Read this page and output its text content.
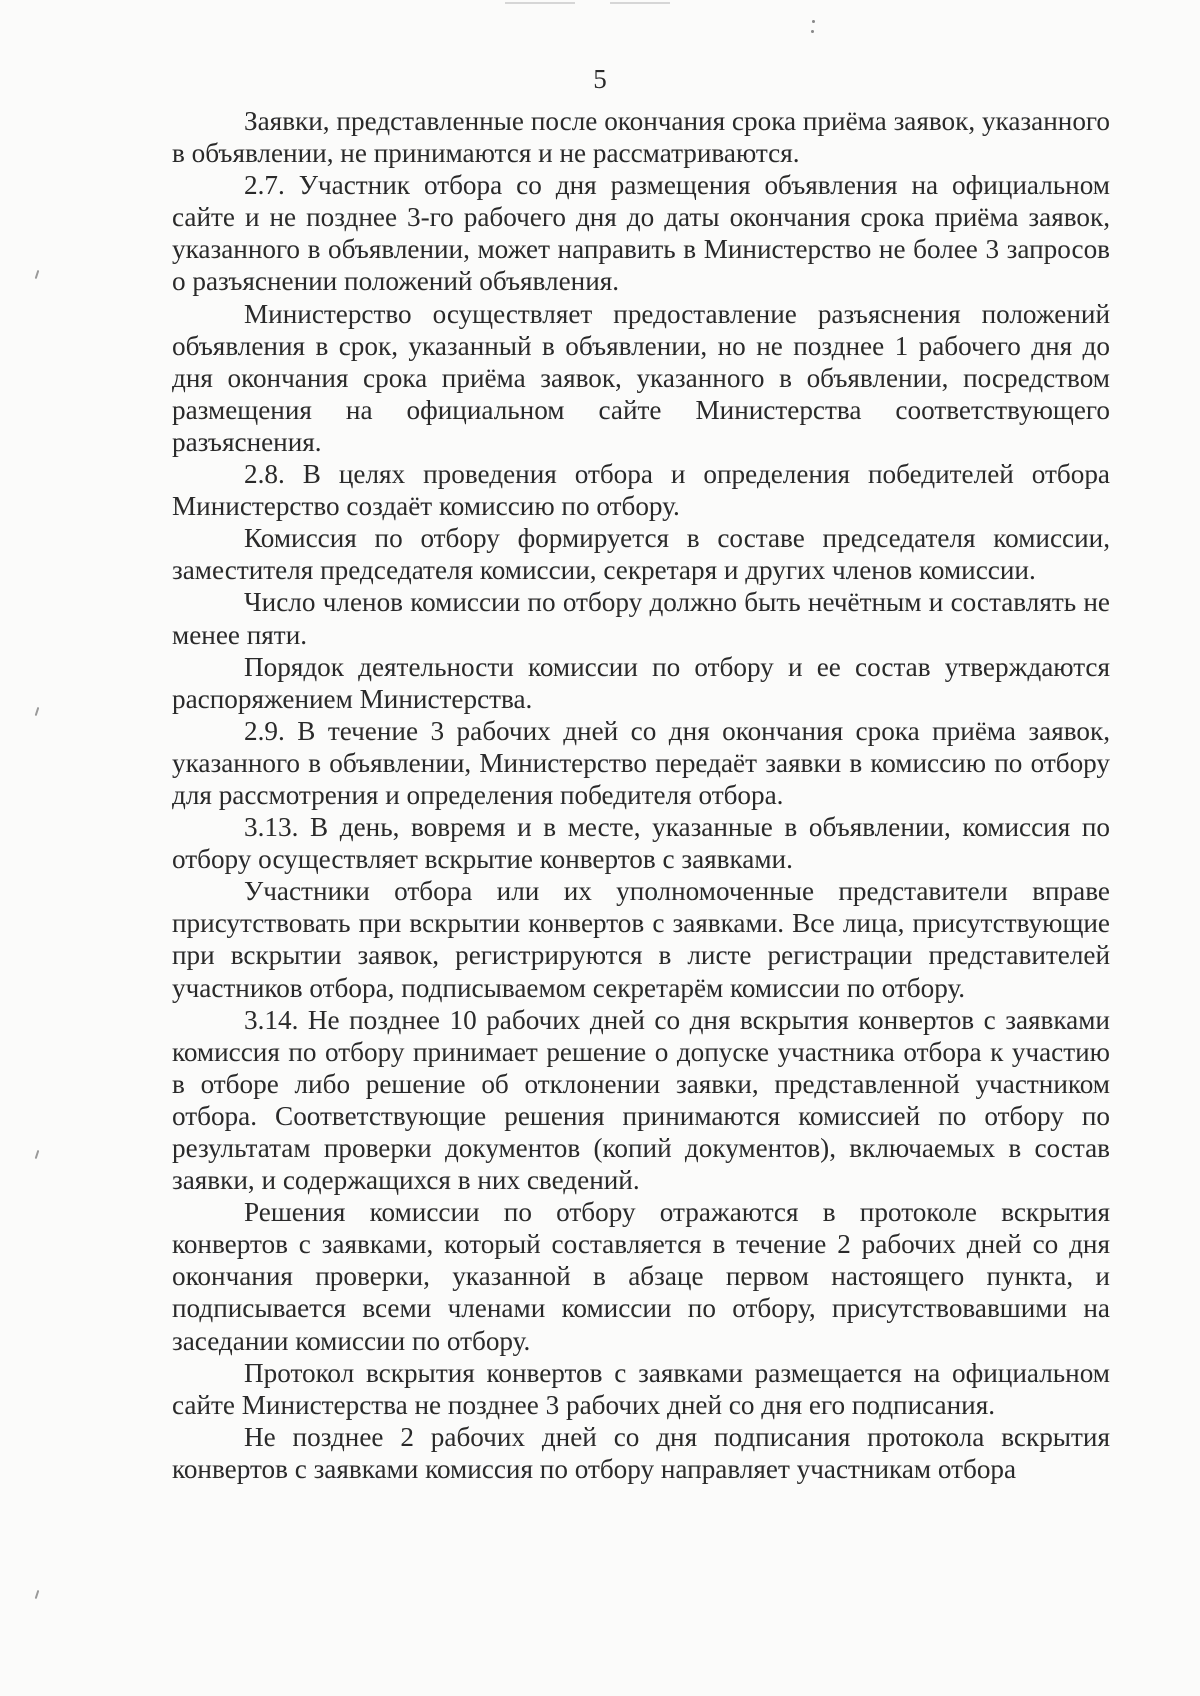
5

Заявки, представленные после окончания срока приёма заявок, указанного в объявлении, не принимаются и не рассматриваются.

2.7. Участник отбора со дня размещения объявления на официальном сайте и не позднее 3-го рабочего дня до даты окончания срока приёма заявок, указанного в объявлении, может направить в Министерство не более 3 запросов о разъяснении положений объявления.

Министерство осуществляет предоставление разъяснения положений объявления в срок, указанный в объявлении, но не позднее 1 рабочего дня до дня окончания срока приёма заявок, указанного в объявлении, посредством размещения на официальном сайте Министерства соответствующего разъяснения.

2.8. В целях проведения отбора и определения победителей отбора Министерство создаёт комиссию по отбору.

Комиссия по отбору формируется в составе председателя комиссии, заместителя председателя комиссии, секретаря и других членов комиссии.

Число членов комиссии по отбору должно быть нечётным и составлять не менее пяти.

Порядок деятельности комиссии по отбору и ее состав утверждаются распоряжением Министерства.

2.9. В течение 3 рабочих дней со дня окончания срока приёма заявок, указанного в объявлении, Министерство передаёт заявки в комиссию по отбору для рассмотрения и определения победителя отбора.

3.13. В день, вовремя и в месте, указанные в объявлении, комиссия по отбору осуществляет вскрытие конвертов с заявками.

Участники отбора или их уполномоченные представители вправе присутствовать при вскрытии конвертов с заявками. Все лица, присутствующие при вскрытии заявок, регистрируются в листе регистрации представителей участников отбора, подписываемом секретарём комиссии по отбору.

3.14. Не позднее 10 рабочих дней со дня вскрытия конвертов с заявками комиссия по отбору принимает решение о допуске участника отбора к участию в отборе либо решение об отклонении заявки, представленной участником отбора. Соответствующие решения принимаются комиссией по отбору по результатам проверки документов (копий документов), включаемых в состав заявки, и содержащихся в них сведений.

Решения комиссии по отбору отражаются в протоколе вскрытия конвертов с заявками, который составляется в течение 2 рабочих дней со дня окончания проверки, указанной в абзаце первом настоящего пункта, и подписывается всеми членами комиссии по отбору, присутствовавшими на заседании комиссии по отбору.

Протокол вскрытия конвертов с заявками размещается на официальном сайте Министерства не позднее 3 рабочих дней со дня его подписания.

Не позднее 2 рабочих дней со дня подписания протокола вскрытия конвертов с заявками комиссия по отбору направляет участникам отбора
